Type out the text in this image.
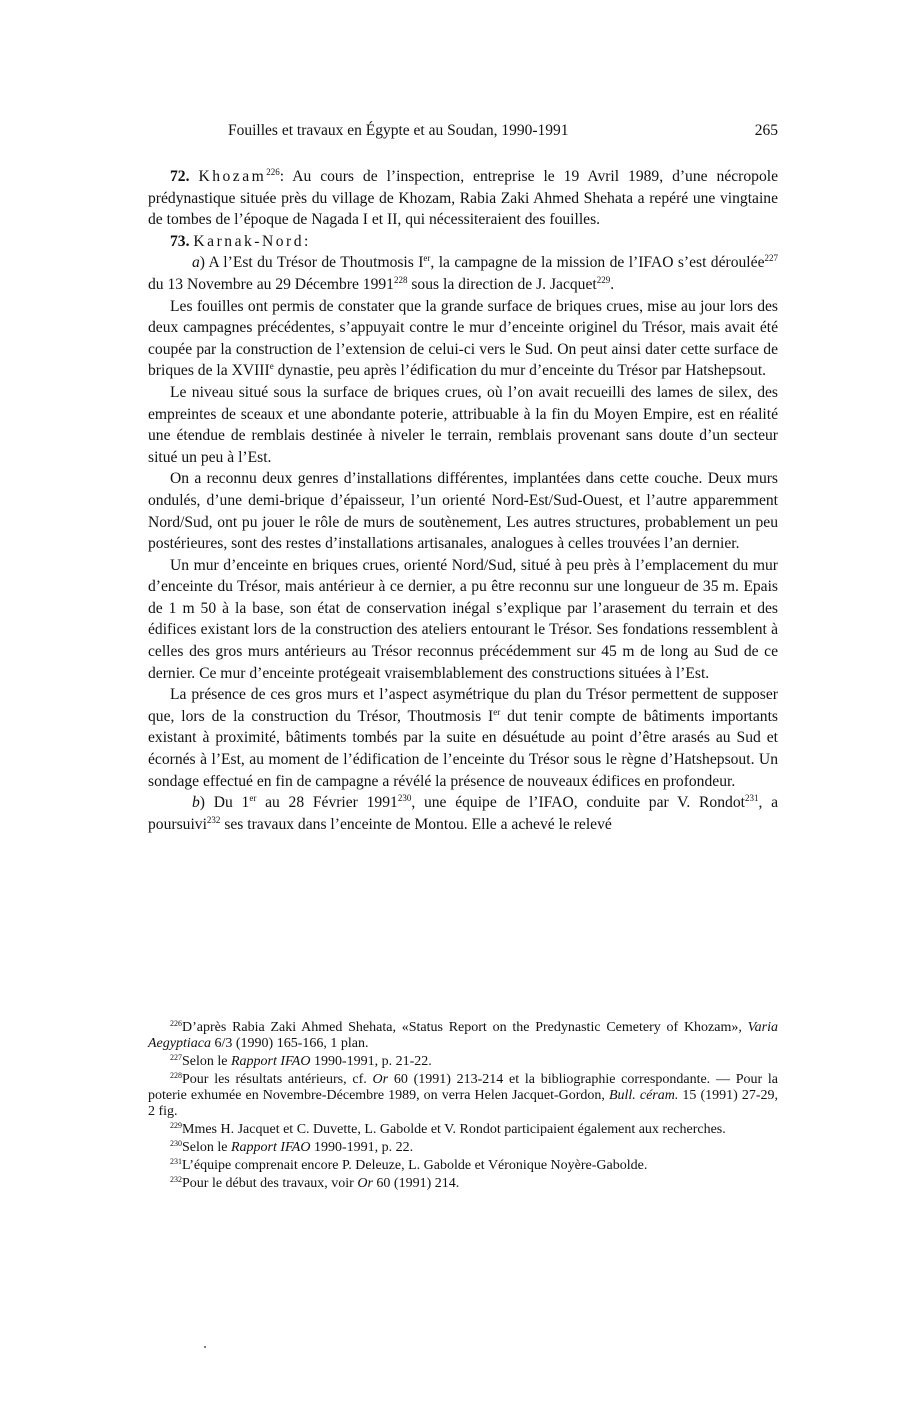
Fouilles et travaux en Égypte et au Soudan, 1990-1991	265

72. Khozam$^{226}$: Au cours de l’inspection, entreprise le 19 Avril 1989, d’une nécropole prédynastique située près du village de Khozam, Rabia Zaki Ahmed Shehata a repéré une vingtaine de tombes de l’époque de Nagada I et II, qui nécessiteraient des fouilles.

73. Karnak-Nord:

a) A l’Est du Trésor de Thoutmosis Ier, la campagne de la mission de l’IFAO s’est déroulée$^{227}$ du 13 Novembre au 29 Décembre 1991$^{228}$ sous la direction de J. Jacquet$^{229}$.

Les fouilles ont permis de constater que la grande surface de briques crues, mise au jour lors des deux campagnes précédentes, s’appuyait contre le mur d’enceinte originel du Trésor, mais avait été coupée par la construction de l’extension de celui-ci vers le Sud. On peut ainsi dater cette surface de briques de la XVIIIe dynastie, peu après l’édification du mur d’enceinte du Trésor par Hatshepsout.

Le niveau situé sous la surface de briques crues, où l’on avait recueilli des lames de silex, des empreintes de sceaux et une abondante poterie, attribuable à la fin du Moyen Empire, est en réalité une étendue de remblais destinée à niveler le terrain, remblais provenant sans doute d’un secteur situé un peu à l’Est.

On a reconnu deux genres d’installations différentes, implantées dans cette couche. Deux murs ondulés, d’une demi-brique d’épaisseur, l’un orienté Nord-Est/Sud-Ouest, et l’autre apparemment Nord/Sud, ont pu jouer le rôle de murs de soutènement, Les autres structures, probablement un peu postérieures, sont des restes d’installations artisanales, analogues à celles trouvées l’an dernier.

Un mur d’enceinte en briques crues, orienté Nord/Sud, situé à peu près à l’emplacement du mur d’enceinte du Trésor, mais antérieur à ce dernier, a pu être reconnu sur une longueur de 35 m. Epais de 1 m 50 à la base, son état de conservation inégal s’explique par l’arasement du terrain et des édifices existant lors de la construction des ateliers entourant le Trésor. Ses fondations ressemblent à celles des gros murs antérieurs au Trésor reconnus précédemment sur 45 m de long au Sud de ce dernier. Ce mur d’enceinte protégeait vraisemblablement des constructions situées à l’Est.

La présence de ces gros murs et l’aspect asymétrique du plan du Trésor permettent de supposer que, lors de la construction du Trésor, Thoutmosis Ier dut tenir compte de bâtiments importants existant à proximité, bâtiments tombés par la suite en désuétude au point d’être arasés au Sud et écornés à l’Est, au moment de l’édification de l’enceinte du Trésor sous le règne d’Hatshepsout. Un sondage effectué en fin de campagne a révélé la présence de nouveaux édifices en profondeur.

b) Du 1er au 28 Février 1991$^{230}$, une équipe de l’IFAO, conduite par V. Rondot$^{231}$, a poursuivi$^{232}$ ses travaux dans l’enceinte de Montou. Elle a achevé le relevé

$^{226}$D’après Rabia Zaki Ahmed Shehata, «Status Report on the Predynastic Cemetery of Khozam», Varia Aegyptiaca 6/3 (1990) 165-166, 1 plan.

$^{227}$Selon le Rapport IFAO 1990-1991, p. 21-22.

$^{228}$Pour les résultats antérieurs, cf. Or 60 (1991) 213-214 et la bibliographie correspondante. — Pour la poterie exhumée en Novembre-Décembre 1989, on verra Helen Jacquet-Gordon, Bull. céram. 15 (1991) 27-29, 2 fig.

$^{229}$Mmes H. Jacquet et C. Duvette, L. Gabolde et V. Rondot participaient également aux recherches.

$^{230}$Selon le Rapport IFAO 1990-1991, p. 22.

$^{231}$L’équipe comprenait encore P. Deleuze, L. Gabolde et Véronique Noyère-Gabolde.

$^{232}$Pour le début des travaux, voir Or 60 (1991) 214.
